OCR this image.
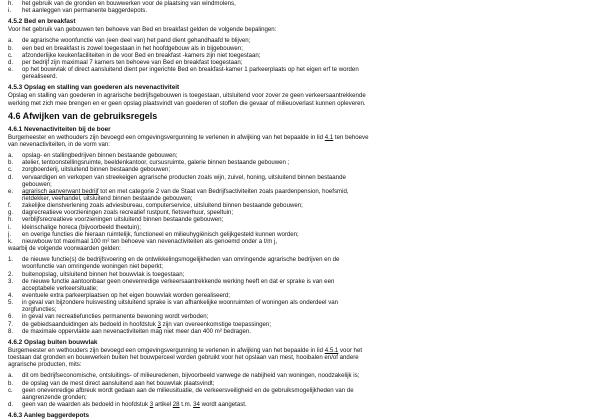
h.	het gebruik van de gronden en bouwwerken voor de plaatsing van windmolens,
i.	het aanleggen van permanente baggerdepots.
4.5.2 Bed en breakfast
Voor het gebruik van gebouwen ten behoeve van Bed en breakfast gelden de volgende bepalingen:
a.	de agrarische woonfunctie van (een deel van) het pand dient gehandhaafd te blijven;
b.	een bed en breakfast is zowel toegestaan in het hoofdgebouw als in bijgebouwen;
c.	afzonderlijke keukenfaciliteiten in de voor Bed en breakfast -kamers zijn niet toegestaan;
d.	per bedrijf zijn maximaal 7 kamers ten behoeve van Bed en breakfast toegestaan;
e.	op het bouwvlak of direct aansluitend dient per ingerichte Bed en breakfast-kamer 1 parkeerplaats op het eigen erf te worden
gerealiseerd.
4.5.3 Opslag en stalling van goederen als nevenactiviteit
Opslag en stalling van goederen in agrarische bedrijfsgebouwen is toegestaan, uitsluitend voor zover ze geen verkeersaantrekkende
werking met zich mee brengen en er geen opslag plaatsvindt van goederen of stoffen die gevaar of milieuoverlast kunnen opleveren.
4.6 Afwijken van de gebruiksregels
4.6.1 Nevenactiviteiten bij de boer
Burgemeester en wethouders zijn bevoegd een omgevingsvergunning te verlenen in afwijking van het bepaalde in lid 4.1 ten behoeve
van nevenactiviteiten, in de vorm van:
a.	opslag- en stallingbedrijven binnen bestaande gebouwen;
b.	atelier, tentoonstellingsruimte, beeldenkantoor, cursusruimte, galerie binnen bestaande gebouwen ;
c.	zorgboerderij, uitsluitend binnen bestaande gebouwen;
d.	vervaardigen en verkopen van streekeigen agrarische producten zoals wijn, zuivel, honing, uitsluitend binnen bestaande
gebouwen;
e.	agrarisch aanverwant bedrijf tot en met categorie 2 van de Staat van Bedrijfsactiviteiten zoals paardenpension, hoefsmid,
rietdekker, veehandel, uitsluitend binnen bestaande gebouwen;
f.	zakelijke dienstverlening zoals adviesbureau, computerservice, uitsluitend binnen bestaande gebouwen;
g.	dagrecreatieve voorzieningen zoals recreatief rustpunt, fietsverhuur, speeltuin;
h.	verblijfsrecreatieve voorzieningen uitsluitend binnen bestaande gebouwen;
i.	kleinschalige horeca (bijvoorbeeld theetuin);
j.	en overige functies die hieraan ruimtelijk, functioneel en milieuhygiënisch gelijkgesteld kunnen worden;
k.	nieuwbouw tot maximaal 100 m² ten behoeve van nevenactiviteiten als genoemd onder a t/m j,
waarbij de volgende voorwaarden gelden:
1.	de nieuwe functie(s) de bedrijfsvoering en de ontwikkelingsmogelijkheden van omringende agrarische bedrijven en de
woonfunctie van omringende woningen niet beperkt;
2.	buitenopslag, uitsluitend binnen het bouwvlak is toegestaan;
3.	de nieuwe functie aantoonbaar geen onevenredige verkeersaantrekkende werking heeft en dat er sprake is van een
acceptabele verkeersituatie;
4.	eventuele extra parkeerplaatsen op het eigen bouwvlak worden gerealiseerd;
5.	in geval van bijzondere huisvesting uitsluitend sprake is van afhankelijke woonruimten of woningen als onderdeel van
zorgfuncties;
6.	in geval van recreatiefuncties permanente bewoning wordt verboden;
7.	de gebiedsaanduidingen als bedoeld in hoofdstuk 3 zijn van overeenkomstige toepassingen;
8.	de maximale oppervlakte aan nevenactiviteiten mag niet meer dan 400 m² bedragen.
4.6.2 Opslag buiten bouwvlak
Burgemeester en wethouders zijn bevoegd een omgevingsvergunning te verlenen in afwijking van het bepaalde in lid 4.5.1 voor het
toestaan dat gronden en bouwwerken buiten het bouwperceel worden gebruikt voor het opslaan van mest, hooibalen en/of andere
agrarische producten, mits:
a.	dit om bedrijfseconomische, ontsluitings- of milieuredenen, bijvoorbeeld vanwege de nabijheid van woningen, noodzakelijk is;
b.	de opslag van de mest direct aansluitend aan het bouwvlak plaatsvindt;
c.	geen onevenredige afbreuk wordt gedaan aan de milieusituatie, de verkeersveiligheid en de gebruiksmogelijkheden van de
aangrenzende gronden;
d.	geen van de waarden als bedoeld in hoofdstuk 3 artikel 28 t.m. 34 wordt aangetast.
4.6.3 Aanleg baggerdepots
